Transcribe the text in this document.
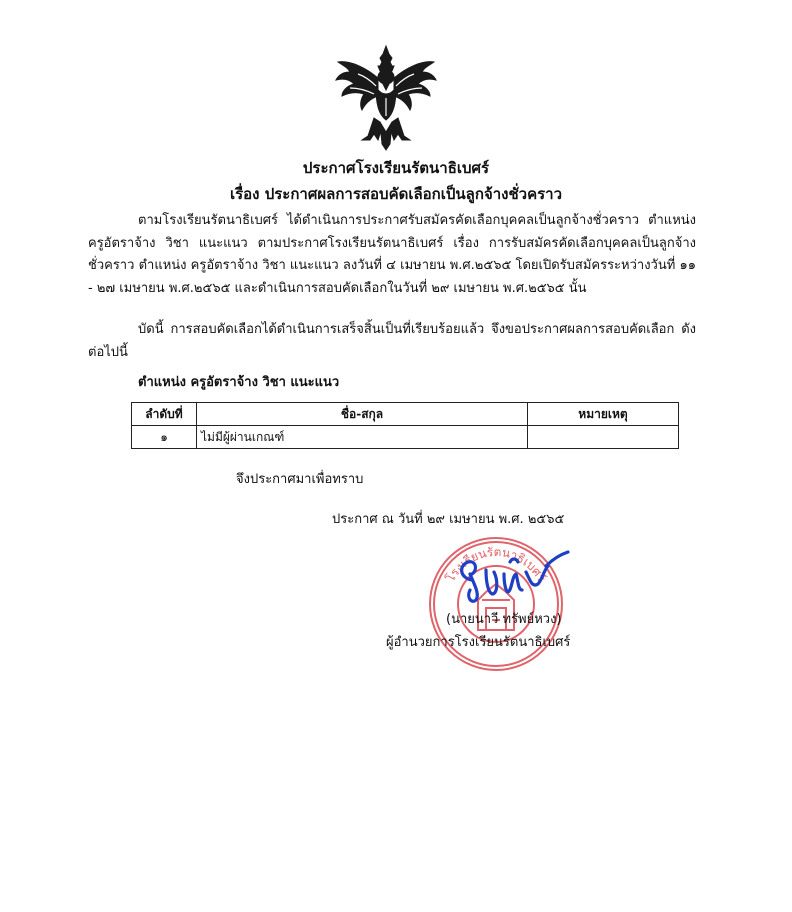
ประกาศโรงเรียนรัตนาธิเบศร์
เรื่อง ประกาศผลการสอบคัดเลือกเป็นลูกจ้างชั่วคราว

ตามโรงเรียนรัตนาธิเบศร์ ได้ดำเนินการประกาศรับสมัครคัดเลือกบุคคลเป็นลูกจ้างชั่วคราว ตำแหน่ง ครูอัตราจ้าง วิชา แนะแนว ตามประกาศโรงเรียนรัตนาธิเบศร์ เรื่อง การรับสมัครคัดเลือกบุคคลเป็นลูกจ้างชั่วคราว ตำแหน่ง ครูอัตราจ้าง วิชา แนะแนว ลงวันที่ ๔ เมษายน พ.ศ.๒๕๖๕ โดยเปิดรับสมัครระหว่างวันที่ ๑๑ - ๒๗ เมษายน พ.ศ.๒๕๖๕ และดำเนินการสอบคัดเลือกในวันที่ ๒๙ เมษายน พ.ศ.๒๕๖๕ นั้น

บัดนี้ การสอบคัดเลือกได้ดำเนินการเสร็จสิ้นเป็นที่เรียบร้อยแล้ว จึงขอประกาศผลการสอบคัดเลือก ดังต่อไปนี้

ตำแหน่ง ครูอัตราจ้าง วิชา แนะแนว
ลำดับที่	ชื่อ-สกุล	หมายเหตุ
๑	ไม่มีผู้ผ่านเกณฑ์	
จึงประกาศมาเพื่อทราบ
ประกาศ ณ วันที่ ๒๙ เมษายน พ.ศ. ๒๕๖๕
โรงเรียนรัตนาธิเบศร์
(นายนาวี ทรัพย์หวง)
ผู้อำนวยการโรงเรียนรัตนาธิเบศร์
